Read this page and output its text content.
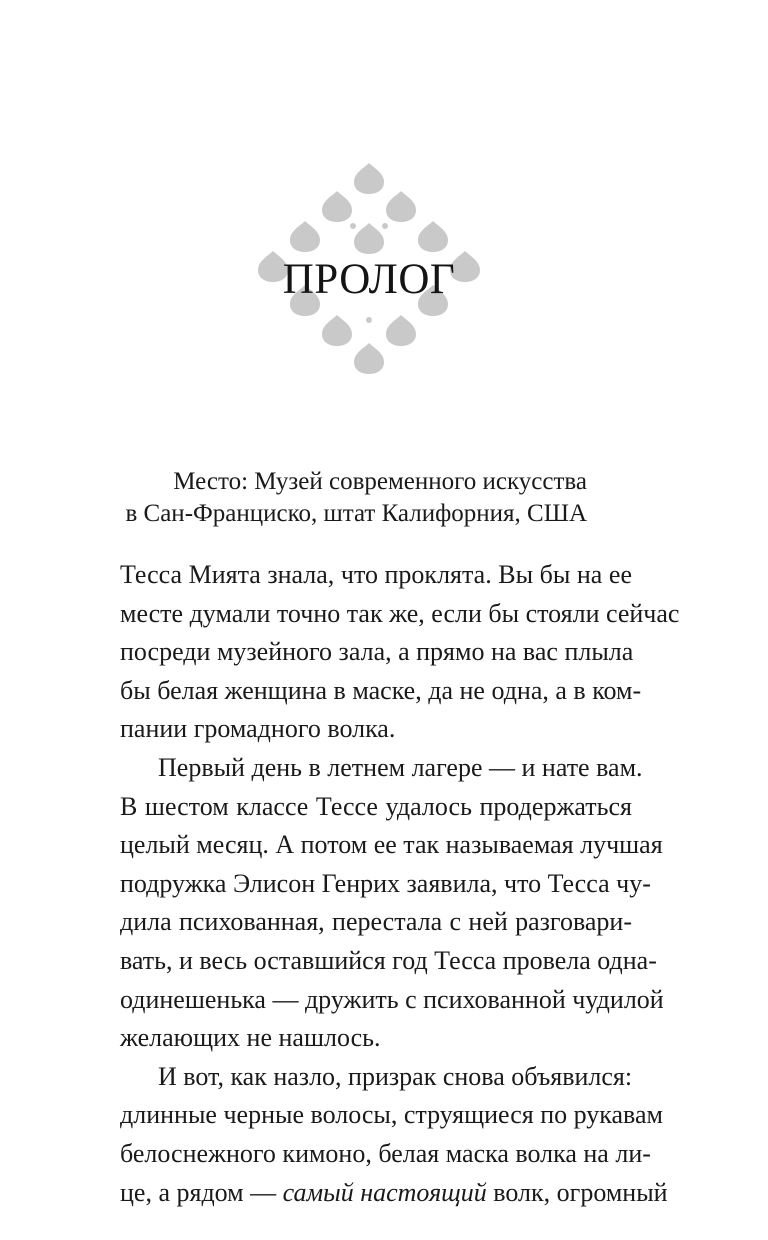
ПРОЛОГ
Место: Музей современного искусства
в Сан-Франциско, штат Калифорния, США
Тесса Мията знала, что проклята. Вы бы на ее
месте думали точно так же, если бы стояли сейчас
посреди музейного зала, а прямо на вас плыла
бы белая женщина в маске, да не одна, а в ком-
пании громадного волка.
Первый день в летнем лагере — и нате вам.
В шестом классе Тессе удалось продержаться
целый месяц. А потом ее так называемая лучшая
подружка Элисон Генрих заявила, что Тесса чу-
дила психованная, перестала с ней разговари-
вать, и весь оставшийся год Тесса провела одна-
одинешенька — дружить с психованной чудилой
желающих не нашлось.
И вот, как назло, призрак снова объявился:
длинные черные волосы, струящиеся по рукавам
белоснежного кимоно, белая маска волка на ли-
це, а рядом — самый настоящий волк, огромный
